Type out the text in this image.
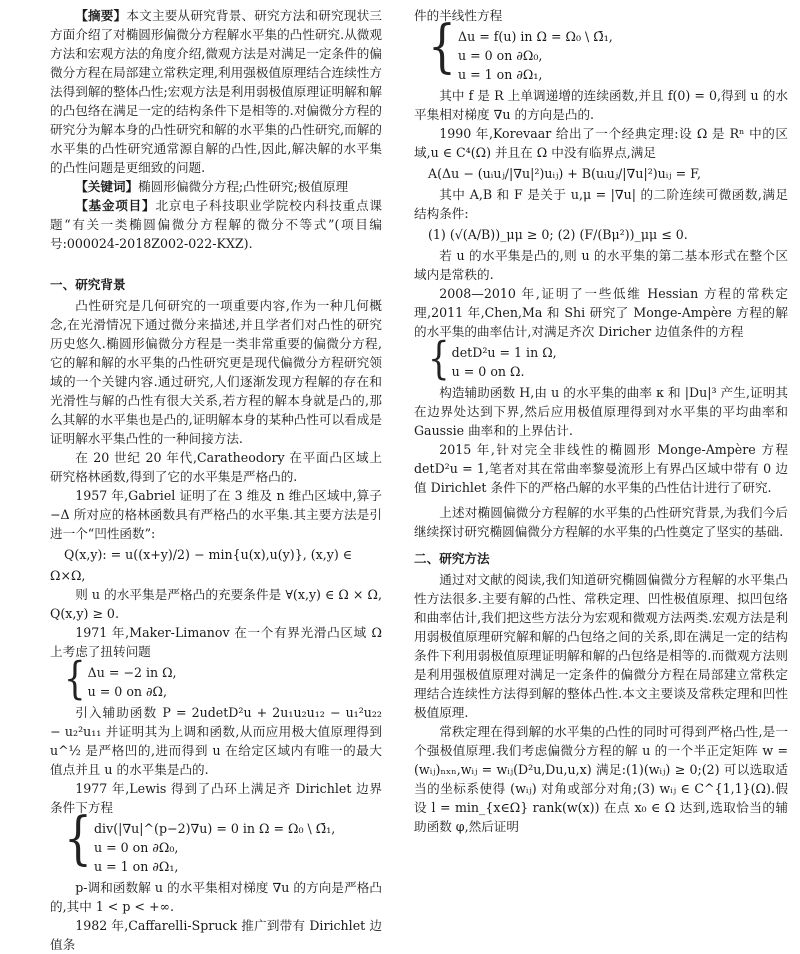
【摘要】本文主要从研究背景、研究方法和研究现状三方面介绍了对椭圆形偏微分方程解水平集的凸性研究.从微观方法和宏观方法的角度介绍,微观方法是对满足一定条件的偏微分方程在局部建立常秩定理,利用强极值原理结合连续性方法得到解的整体凸性;宏观方法是利用弱极值原理证明解和解的凸包络在满足一定的结构条件下是相等的.对偏微分方程的研究分为解本身的凸性研究和解的水平集的凸性研究,而解的水平集的凸性研究通常源自解的凸性,因此,解决解的水平集的凸性问题是更细致的问题.

【关键词】椭圆形偏微分方程;凸性研究;极值原理

【基金项目】北京电子科技职业学院校内科技重点课题“有关一类椭圆偏微分方程解的微分不等式”(项目编号:000024-2018Z002-022-KXZ).

一、研究背景

凸性研究是几何研究的一项重要内容,作为一种几何概念,在光滑情况下通过微分来描述,并且学者们对凸性的研究历史悠久.椭圆形偏微分方程是一类非常重要的偏微分方程,它的解和解的水平集的凸性研究更是现代偏微分方程研究领域的一个关键内容.通过研究,人们逐渐发现方程解的存在和光滑性与解的凸性有很大关系,若方程的解本身就是凸的,那么其解的水平集也是凸的,证明解本身的某种凸性可以看成是证明解水平集凸性的一种间接方法.

在 20 世纪 20 年代,Caratheodory 在平面凸区域上研究格林函数,得到了它的水平集是严格凸的.

1957 年,Gabriel 证明了在 3 维及 n 维凸区域中,算子 −Δ 所对应的格林函数具有严格凸的水平集.其主要方法是引进一个“凹性函数”:

Q(x,y): = u((x+y)/2) − min{u(x),u(y)}, (x,y) ∈
Ω×Ω,

则 u 的水平集是严格凸的充要条件是 ∀(x,y) ∈ Ω × Ω, Q(x,y) ≥ 0.

1971 年,Maker-Limanov 在一个有界光滑凸区域 Ω 上考虑了扭转问题

{ Δu = −2 in Ω,
u = 0 on ∂Ω,

引入辅助函数 P = 2udetD²u + 2u₁u₂u₁₂ − u₁²u₂₂ − u₂²u₁₁ 并证明其为上调和函数,从而应用极大值原理得到 u^½ 是严格凹的,进而得到 u 在给定区域内有唯一的最大值点并且 u 的水平集是凸的.

1977 年,Lewis 得到了凸环上满足齐 Dirichlet 边界条件下方程

{ div(|∇u|^(p−2)∇u) = 0 in Ω = Ω₀ \ Ω̄₁,
u = 0 on ∂Ω₀,
u = 1 on ∂Ω₁,

p-调和函数解 u 的水平集相对梯度 ∇u 的方向是严格凸的,其中 1 < p < +∞.

1982 年,Caffarelli-Spruck 推广到带有 Dirichlet 边值条

件的半线性方程

{ Δu = f(u) in Ω = Ω₀ \ Ω̄₁,
u = 0 on ∂Ω₀,
u = 1 on ∂Ω₁,

其中 f 是 R 上单调递增的连续函数,并且 f(0) = 0,得到 u 的水平集相对梯度 ∇u 的方向是凸的.

1990 年,Korevaar 给出了一个经典定理:设 Ω 是 Rⁿ 中的区域,u ∈ C⁴(Ω) 并且在 Ω 中没有临界点,满足

A(Δu − (uᵢuⱼ/|∇u|²)uᵢⱼ) + B(uᵢuⱼ/|∇u|²)uᵢⱼ = F,

其中 A,B 和 F 是关于 u,μ = |∇u| 的二阶连续可微函数,满足结构条件:

(1) (√(A/B))_μμ ≥ 0; (2) (F/(Bμ²))_μμ ≤ 0.

若 u 的水平集是凸的,则 u 的水平集的第二基本形式在整个区域内是常秩的.

2008—2010 年,证明了一些低维 Hessian 方程的常秩定理,2011 年,Chen,Ma 和 Shi 研究了 Monge-Ampère 方程的解的水平集的曲率估计,对满足齐次 Diricher 边值条件的方程

{ detD²u = 1 in Ω,
u = 0 on Ω.

构造辅助函数 H,由 u 的水平集的曲率 κ 和 |Du|³ 产生,证明其在边界处达到下界,然后应用极值原理得到对水平集的平均曲率和 Gaussie 曲率和的上界估计.

2015 年,针对完全非线性的椭圆形 Monge-Ampère 方程 detD²u = 1,笔者对其在常曲率黎曼流形上有界凸区域中带有 0 边值 Dirichlet 条件下的严格凸解的水平集的凸性估计进行了研究.

上述对椭圆偏微分方程解的水平集的凸性研究背景,为我们今后继续探讨研究椭圆偏微分方程解的水平集的凸性奠定了坚实的基础.

二、研究方法

通过对文献的阅读,我们知道研究椭圆偏微分方程解的水平集凸性方法很多.主要有解的凸性、常秩定理、凹性极值原理、拟凹包络和曲率估计,我们把这些方法分为宏观和微观方法两类.宏观方法是利用弱极值原理研究解和解的凸包络之间的关系,即在满足一定的结构条件下利用弱极值原理证明解和解的凸包络是相等的.而微观方法则是利用强极值原理对满足一定条件的偏微分方程在局部建立常秩定理结合连续性方法得到解的整体凸性.本文主要谈及常秩定理和凹性极值原理.

常秩定理在得到解的水平集的凸性的同时可得到严格凸性,是一个强极值原理.我们考虑偏微分方程的解 u 的一个半正定矩阵 w = (wᵢⱼ)ₙₓₙ,wᵢⱼ = wᵢⱼ(D²u,Du,u,x) 满足:(1)(wᵢⱼ) ≥ 0;(2) 可以选取适当的坐标系使得 (wᵢⱼ) 对角或部分对角;(3) wᵢⱼ ∈ C^{1,1}(Ω).假设 l = min_{x∈Ω} rank(w(x)) 在点 x₀ ∈ Ω 达到,选取恰当的辅助函数 φ,然后证明
